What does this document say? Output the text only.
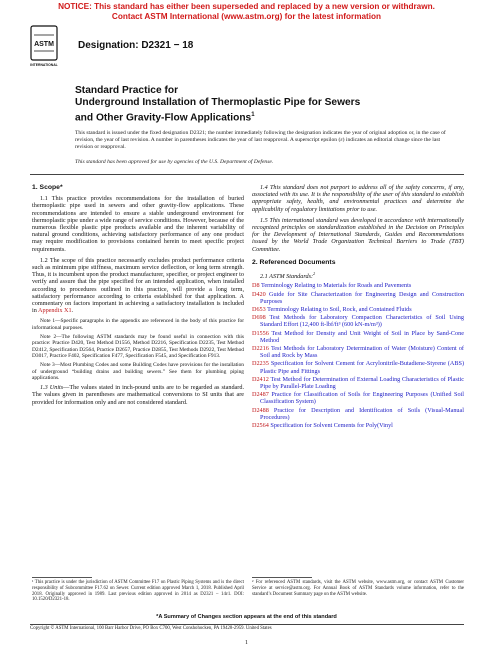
NOTICE: This standard has either been superseded and replaced by a new version or withdrawn.
Contact ASTM International (www.astm.org) for the latest information
ASTM
INTERNATIONAL
Designation: D2321 − 18
Standard Practice for
Underground Installation of Thermoplastic Pipe for Sewers
and Other Gravity-Flow Applications$^1$
This standard is issued under the fixed designation D2321; the number immediately following the designation indicates the year of original adoption or, in the case of revision, the year of last revision. A number in parentheses indicates the year of last reapproval. A superscript epsilon (ε) indicates an editorial change since the last revision or reapproval.
This standard has been approved for use by agencies of the U.S. Department of Defense.
1. Scope*

1.1 This practice provides recommendations for the installation of buried thermoplastic pipe used in sewers and other gravity-flow applications. These recommendations are intended to ensure a stable underground environment for thermoplastic pipe under a wide range of service conditions. However, because of the numerous flexible plastic pipe products available and the inherent variability of natural ground conditions, achieving satisfactory performance of any one product may require modification to provisions contained herein to meet specific project requirements.

1.2 The scope of this practice necessarily excludes product performance criteria such as minimum pipe stiffness, maximum service deflection, or long term strength. Thus, it is incumbent upon the product manufacturer, specifier, or project engineer to verify and assure that the pipe specified for an intended application, when installed according to procedures outlined in this practice, will provide a long term, satisfactory performance according to criteria established for that application. A commentary on factors important in achieving a satisfactory installation is included in Appendix X1.

Note 1—Specific paragraphs in the appendix are referenced in the body of this practice for informational purposes.
Note 2—The following ASTM standards may be found useful in connection with this practice: Practice D420, Test Method D1556, Method D2216, Specification D2235, Test Method D2412, Specification D2564, Practice D2657, Practice D2855, Test Methods D2922, Test Method D3017, Practice F402, Specification F477, Specification F545, and Specification F913.
Note 3—Most Plumbing Codes and some Building Codes have provisions for the installation of underground “building drains and building sewers.” See them for plumbing piping applications.

1.3 Units—The values stated in inch-pound units are to be regarded as standard. The values given in parentheses are mathematical conversions to SI units that are provided for information only and are not considered standard.

1.4 This standard does not purport to address all of the safety concerns, if any, associated with its use. It is the responsibility of the user of this standard to establish appropriate safety, health, and environmental practices and determine the applicability of regulatory limitations prior to use.

1.5 This international standard was developed in accordance with internationally recognized principles on standardization established in the Decision on Principles for the Development of International Standards, Guides and Recommendations issued by the World Trade Organization Technical Barriers to Trade (TBT) Committee.

2. Referenced Documents
2.1 ASTM Standards:$^2$
D8 Terminology Relating to Materials for Roads and Pavements
D420 Guide for Site Characterization for Engineering Design and Construction Purposes
D653 Terminology Relating to Soil, Rock, and Contained Fluids
D698 Test Methods for Laboratory Compaction Characteristics of Soil Using Standard Effort (12,400 ft-lbf/ft³ (600 kN-m/m³))
D1556 Test Method for Density and Unit Weight of Soil in Place by Sand-Cone Method
D2216 Test Methods for Laboratory Determination of Water (Moisture) Content of Soil and Rock by Mass
D2235 Specification for Solvent Cement for Acrylonitrile-Butadiene-Styrene (ABS) Plastic Pipe and Fittings
D2412 Test Method for Determination of External Loading Characteristics of Plastic Pipe by Parallel-Plate Loading
D2487 Practice for Classification of Soils for Engineering Purposes (Unified Soil Classification System)
D2488 Practice for Description and Identification of Soils (Visual-Manual Procedures)
D2564 Specification for Solvent Cements for Poly(Vinyl
¹ This practice is under the jurisdiction of ASTM Committee F17 on Plastic Piping Systems and is the direct responsibility of Subcommittee F17.62 on Sewer. Current edition approved March 1, 2018. Published April 2018. Originally approved in 1989. Last previous edition approved in 2014 as D2321 – 14ε1. DOI: 10.1520/D2321-18.
² For referenced ASTM standards, visit the ASTM website, www.astm.org, or contact ASTM Customer Service at service@astm.org. For Annual Book of ASTM Standards volume information, refer to the standard’s Document Summary page on the ASTM website.
*A Summary of Changes section appears at the end of this standard
Copyright © ASTM International, 100 Barr Harbor Drive, PO Box C700, West Conshohocken, PA 19428-2959. United States
1
